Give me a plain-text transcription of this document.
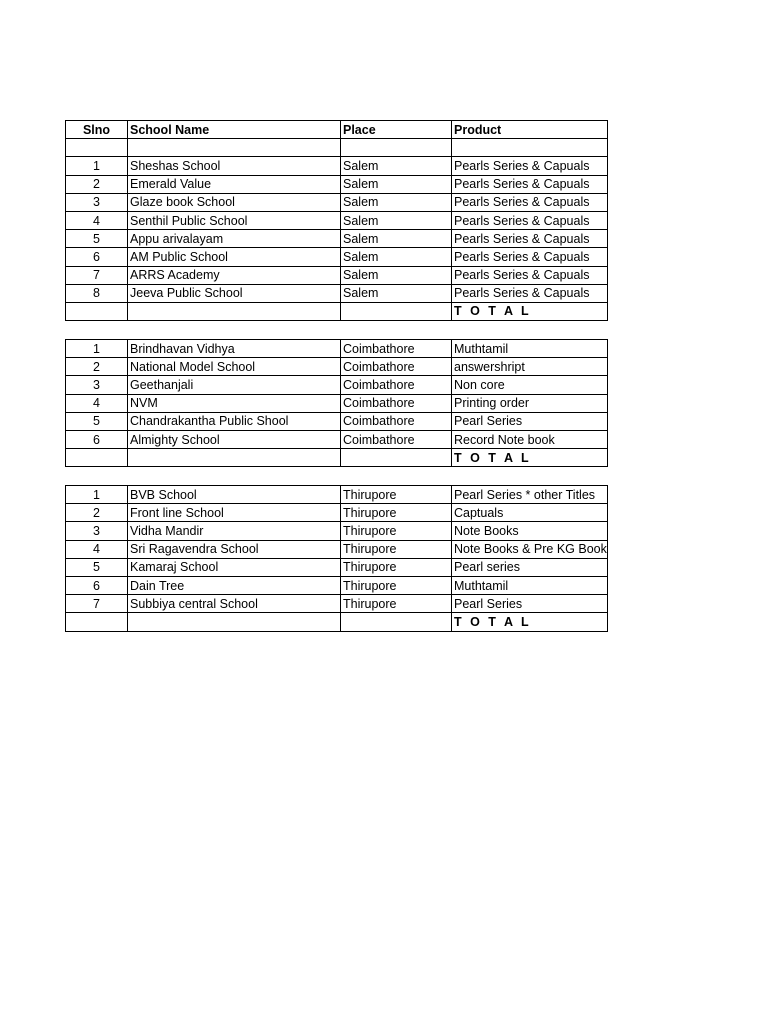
Slno	School Name	Place	Product

1	Sheshas School	Salem	Pearls Series & Capuals
2	Emerald Value	Salem	Pearls Series & Capuals
3	Glaze book School	Salem	Pearls Series & Capuals
4	Senthil Public School	Salem	Pearls Series & Capuals
5	Appu arivalayam	Salem	Pearls Series & Capuals
6	AM Public School	Salem	Pearls Series & Capuals
7	ARRS Academy	Salem	Pearls Series & Capuals
8	Jeeva Public School	Salem	Pearls Series & Capuals
			T O T A L
1	Brindhavan Vidhya	Coimbathore	Muthtamil
2	National Model School	Coimbathore	answershript
3	Geethanjali	Coimbathore	Non core
4	NVM	Coimbathore	Printing order
5	Chandrakantha Public Shool	Coimbathore	Pearl Series
6	Almighty School	Coimbathore	Record Note book
			T O T A L
1	BVB School	Thirupore	Pearl Series * other Titles
2	Front line School	Thirupore	Captuals
3	Vidha Mandir	Thirupore	Note Books
4	Sri Ragavendra School	Thirupore	Note Books & Pre KG Book
5	Kamaraj School	Thirupore	Pearl series
6	Dain Tree	Thirupore	Muthtamil
7	Subbiya central School	Thirupore	Pearl Series
			T O T A L
